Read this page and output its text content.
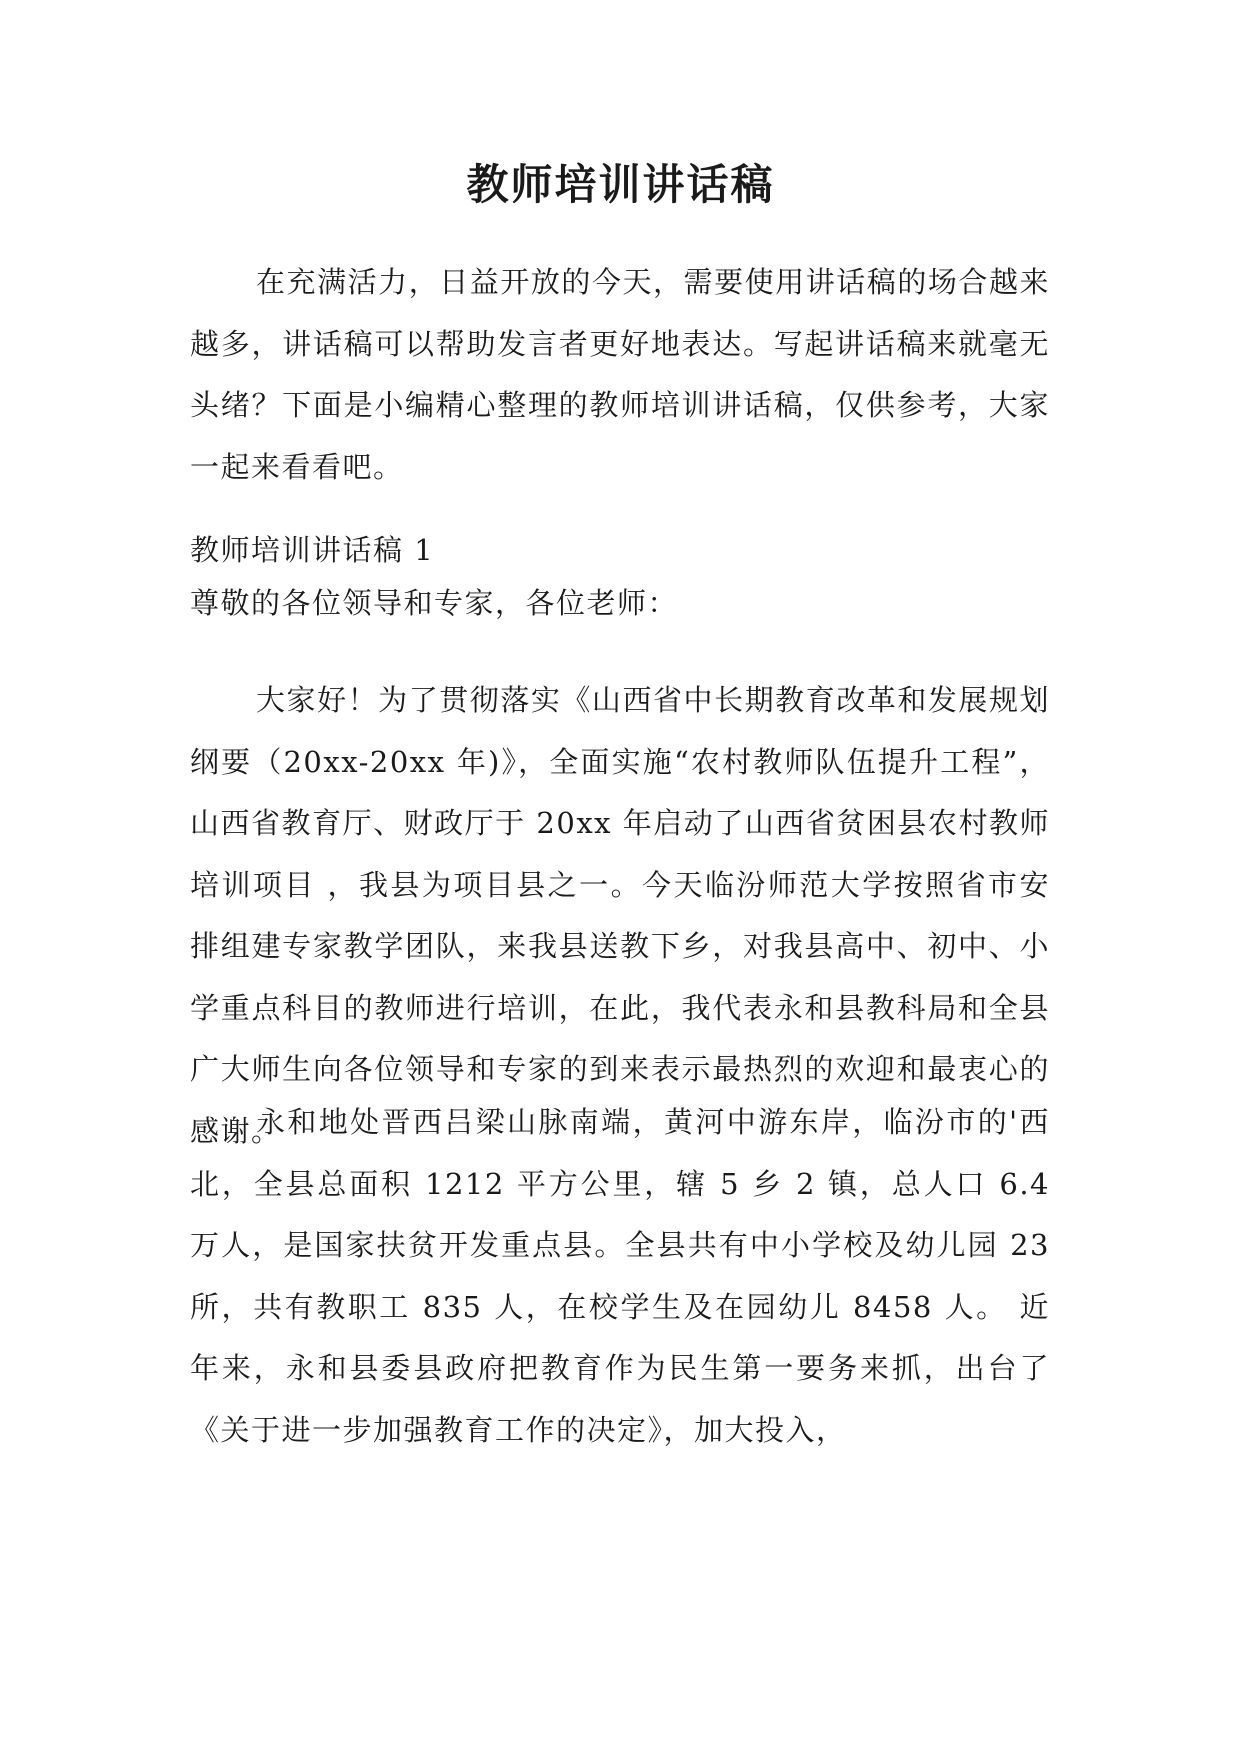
教师培训讲话稿

在充满活力，日益开放的今天，需要使用讲话稿的场合越来越多，讲话稿可以帮助发言者更好地表达。写起讲话稿来就毫无头绪？下面是小编精心整理的教师培训讲话稿，仅供参考，大家一起来看看吧。

教师培训讲话稿 1
尊敬的各位领导和专家，各位老师：

大家好！为了贯彻落实《山西省中长期教育改革和发展规划纲要（20xx-20xx 年)》，全面实施“农村教师队伍提升工程”，山西省教育厅、财政厅于 20xx 年启动了山西省贫困县农村教师培训项目 ，我县为项目县之一。今天临汾师范大学按照省市安排组建专家教学团队，来我县送教下乡，对我县高中、初中、小学重点科目的教师进行培训，在此，我代表永和县教科局和全县广大师生向各位领导和专家的到来表示最热烈的欢迎和最衷心的感谢。

永和地处晋西吕梁山脉南端，黄河中游东岸，临汾市的'西北，全县总面积 1212 平方公里，辖 5 乡 2 镇，总人口 6.4 万人，是国家扶贫开发重点县。全县共有中小学校及幼儿园 23 所，共有教职工 835 人，在校学生及在园幼儿 8458 人。 近年来，永和县委县政府把教育作为民生第一要务来抓，出台了《关于进一步加强教育工作的决定》，加大投入，
